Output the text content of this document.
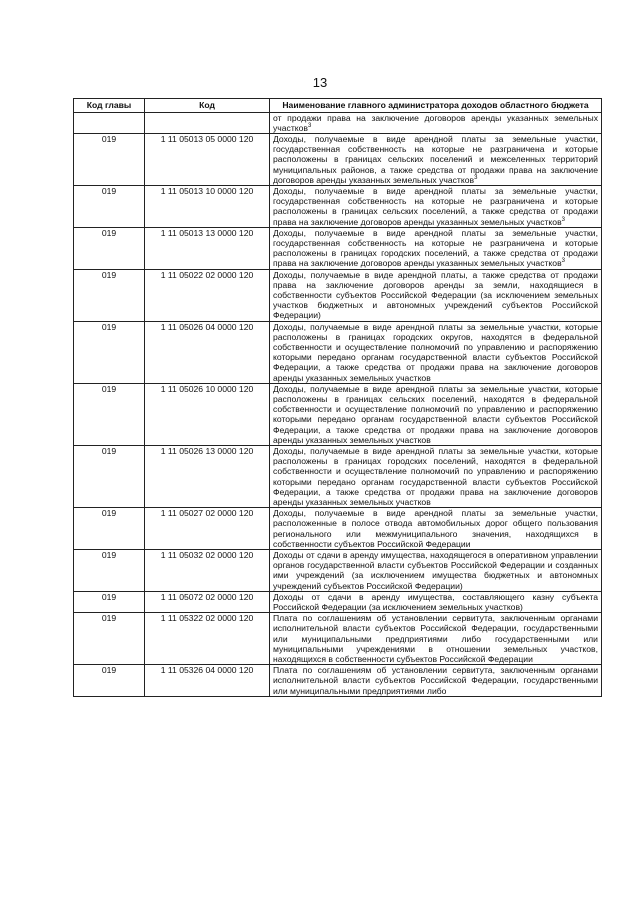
13
Код главы	Код	Наименование главного администратора доходов областного бюджета
		от продажи права на заключение договоров аренды указанных земельных участков$^3$
019	1 11 05013 05 0000 120	Доходы, получаемые в виде арендной платы за земельные участки, государственная собственность на которые не разграничена и которые расположены в границах сельских поселений и межселенных территорий муниципальных районов, а также средства от продажи права на заключение договоров аренды указанных земельных участков$^3$
019	1 11 05013 10 0000 120	Доходы, получаемые в виде арендной платы за земельные участки, государственная собственность на которые не разграничена и которые расположены в границах сельских поселений, а также средства от продажи права на заключение договоров аренды указанных земельных участков$^3$
019	1 11 05013 13 0000 120	Доходы, получаемые в виде арендной платы за земельные участки, государственная собственность на которые не разграничена и которые расположены в границах городских поселений, а также средства от продажи права на заключение договоров аренды указанных земельных участков$^3$
019	1 11 05022 02 0000 120	Доходы, получаемые в виде арендной платы, а также средства от продажи права на заключение договоров аренды за земли, находящиеся в собственности субъектов Российской Федерации (за исключением земельных участков бюджетных и автономных учреждений субъектов Российской Федерации)
019	1 11 05026 04 0000 120	Доходы, получаемые в виде арендной платы за земельные участки, которые расположены в границах городских округов, находятся в федеральной собственности и осуществление полномочий по управлению и распоряжению которыми передано органам государственной власти субъектов Российской Федерации, а также средства от продажи права на заключение договоров аренды указанных земельных участков
019	1 11 05026 10 0000 120	Доходы, получаемые в виде арендной платы за земельные участки, которые расположены в границах сельских поселений, находятся в федеральной собственности и осуществление полномочий по управлению и распоряжению которыми передано органам государственной власти субъектов Российской Федерации, а также средства от продажи права на заключение договоров аренды указанных земельных участков
019	1 11 05026 13 0000 120	Доходы, получаемые в виде арендной платы за земельные участки, которые расположены в границах городских поселений, находятся в федеральной собственности и осуществление полномочий по управлению и распоряжению которыми передано органам государственной власти субъектов Российской Федерации, а также средства от продажи права на заключение договоров аренды указанных земельных участков
019	1 11 05027 02 0000 120	Доходы, получаемые в виде арендной платы за земельные участки, расположенные в полосе отвода автомобильных дорог общего пользования регионального или межмуниципального значения, находящихся в собственности субъектов Российской Федерации
019	1 11 05032 02 0000 120	Доходы от сдачи в аренду имущества, находящегося в оперативном управлении органов государственной власти субъектов Российской Федерации и созданных ими учреждений (за исключением имущества бюджетных и автономных учреждений субъектов Российской Федерации)
019	1 11 05072 02 0000 120	Доходы от сдачи в аренду имущества, составляющего казну субъекта Российской Федерации (за исключением земельных участков)
019	1 11 05322 02 0000 120	Плата по соглашениям об установлении сервитута, заключенным органами исполнительной власти субъектов Российской Федерации, государственными или муниципальными предприятиями либо государственными или муниципальными учреждениями в отношении земельных участков, находящихся в собственности субъектов Российской Федерации
019	1 11 05326 04 0000 120	Плата по соглашениям об установлении сервитута, заключенным органами исполнительной власти субъектов Российской Федерации, государственными или муниципальными предприятиями либо
